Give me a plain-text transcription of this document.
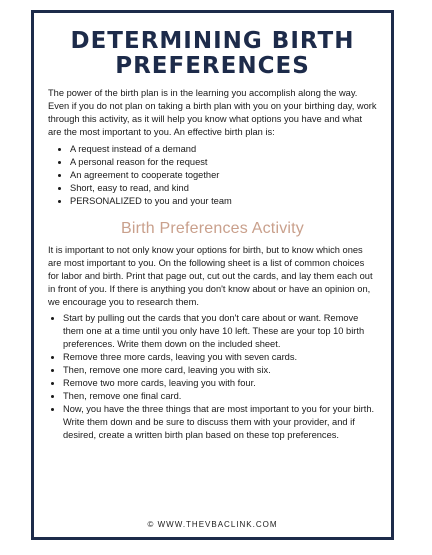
DETERMINING BIRTH
PREFERENCES

The power of the birth plan is in the learning you accomplish along the way. Even if you do not plan on taking a birth plan with you on your birthing day, work through this activity, as it will help you know what options you have and what are the most important to you. An effective birth plan is:

• A request instead of a demand
• A personal reason for the request
• An agreement to cooperate together
• Short, easy to read, and kind
• PERSONALIZED to you and your team
Birth Preferences Activity

It is important to not only know your options for birth, but to know which ones are most important to you. On the following sheet is a list of common choices for labor and birth. Print that page out, cut out the cards, and lay them each out in front of you. If there is anything you don't know about or have an opinion on, we encourage you to research them.

• Start by pulling out the cards that you don't care about or want. Remove them one at a time until you only have 10 left. These are your top 10 birth preferences. Write them down on the included sheet.
• Remove three more cards, leaving you with seven cards.
• Then, remove one more card, leaving you with six.
• Remove two more cards, leaving you with four.
• Then, remove one final card.
• Now, you have the three things that are most important to you for your birth. Write them down and be sure to discuss them with your provider, and if desired, create a written birth plan based on these top preferences.
© WWW.THEVBACLINK.COM
